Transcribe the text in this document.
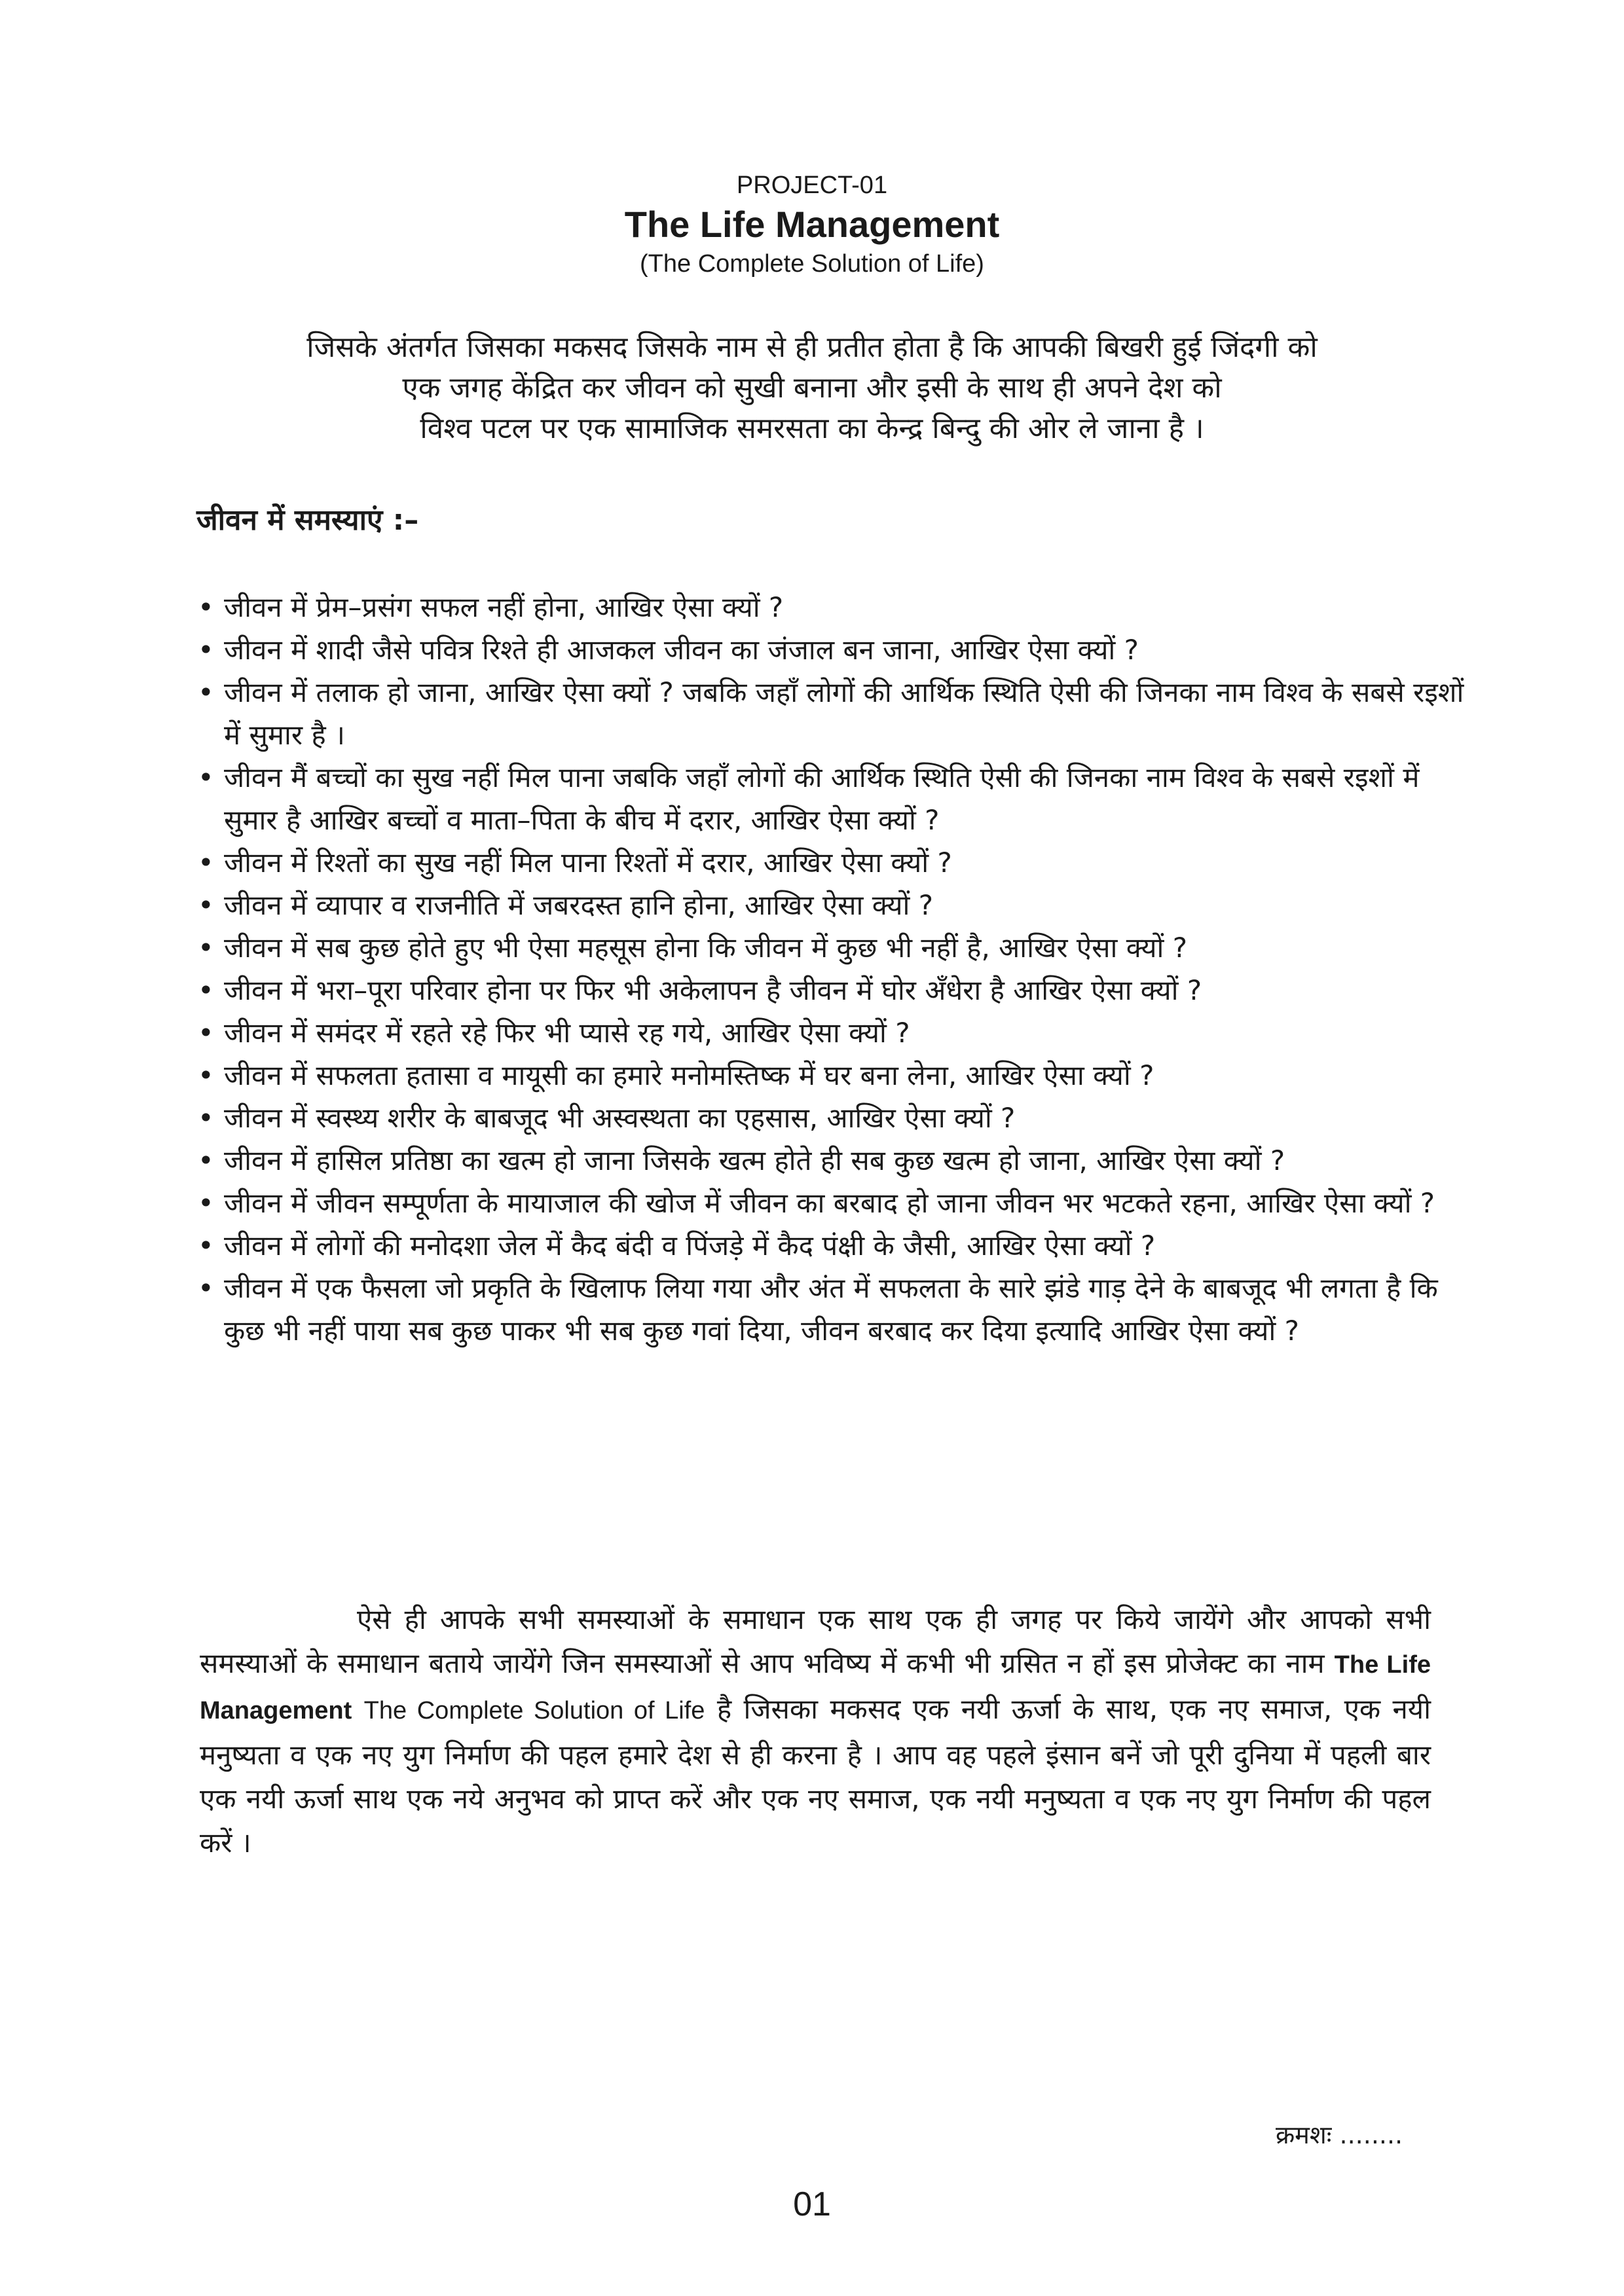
PROJECT-01
The Life Management
(The Complete Solution of Life)
जिसके अंतर्गत जिसका मकसद जिसके नाम से ही प्रतीत होता है कि आपकी बिखरी हुई जिंदगी को
एक जगह केंद्रित कर जीवन को सुखी बनाना और इसी के साथ ही अपने देश को
विश्व पटल पर एक सामाजिक समरसता का केन्द्र बिन्दु की ओर ले जाना है ।
जीवन में समस्याएं :–
• जीवन में प्रेम–प्रसंग सफल नहीं होना, आखिर ऐसा क्यों ?
• जीवन में शादी जैसे पवित्र रिश्ते ही आजकल जीवन का जंजाल बन जाना, आखिर ऐसा क्यों ?
• जीवन में तलाक हो जाना, आखिर ऐसा क्यों ? जबकि जहाँ लोगों की आर्थिक स्थिति ऐसी की जिनका नाम विश्व के सबसे रइशों में सुमार है ।
• जीवन मैं बच्चों का सुख नहीं मिल पाना जबकि जहाँ लोगों की आर्थिक स्थिति ऐसी की जिनका नाम विश्व के सबसे रइशों में सुमार है आखिर बच्चों व माता–पिता के बीच में दरार, आखिर ऐसा क्यों ?
• जीवन में रिश्तों का सुख नहीं मिल पाना रिश्तों में दरार, आखिर ऐसा क्यों ?
• जीवन में व्यापार व राजनीति में जबरदस्त हानि होना, आखिर ऐसा क्यों ?
• जीवन में सब कुछ होते हुए भी ऐसा महसूस होना कि जीवन में कुछ भी नहीं है, आखिर ऐसा क्यों ?
• जीवन में भरा–पूरा परिवार होना पर फिर भी अकेलापन है जीवन में घोर अँधेरा है आखिर ऐसा क्यों ?
• जीवन में समंदर में रहते रहे फिर भी प्यासे रह गये, आखिर ऐसा क्यों ?
• जीवन में सफलता हतासा व मायूसी का हमारे मनोमस्तिष्क में घर बना लेना, आखिर ऐसा क्यों ?
• जीवन में स्वस्थ्य शरीर के बाबजूद भी अस्वस्थता का एहसास, आखिर ऐसा क्यों ?
• जीवन में हासिल प्रतिष्ठा का खत्म हो जाना जिसके खत्म होते ही सब कुछ खत्म हो जाना, आखिर ऐसा क्यों ?
• जीवन में जीवन सम्पूर्णता के मायाजाल की खोज में जीवन का बरबाद हो जाना जीवन भर भटकते रहना, आखिर ऐसा क्यों ?
• जीवन में लोगों की मनोदशा जेल में कैद बंदी व पिंजड़े में कैद पंक्षी के जैसी, आखिर ऐसा क्यों ?
• जीवन में एक फैसला जो प्रकृति के खिलाफ लिया गया और अंत में सफलता के सारे झंडे गाड़ देने के बाबजूद भी लगता है कि कुछ भी नहीं पाया सब कुछ पाकर भी सब कुछ गवां दिया, जीवन बरबाद कर दिया इत्यादि आखिर ऐसा क्यों ?
ऐसे ही आपके सभी समस्याओं के समाधान एक साथ एक ही जगह पर किये जायेंगे और आपको सभी समस्याओं के समाधान बताये जायेंगे जिन समस्याओं से आप भविष्य में कभी भी ग्रसित न हों इस प्रोजेक्ट का नाम The Life Management The Complete Solution of Life है जिसका मकसद एक नयी ऊर्जा के साथ, एक नए समाज, एक नयी मनुष्यता व एक नए युग निर्माण की पहल हमारे देश से ही करना है । आप वह पहले इंसान बनें जो पूरी दुनिया में पहली बार एक नयी ऊर्जा साथ एक नये अनुभव को प्राप्त करें और एक नए समाज, एक नयी मनुष्यता व एक नए युग निर्माण की पहल करें ।
क्रमशः ........
01
